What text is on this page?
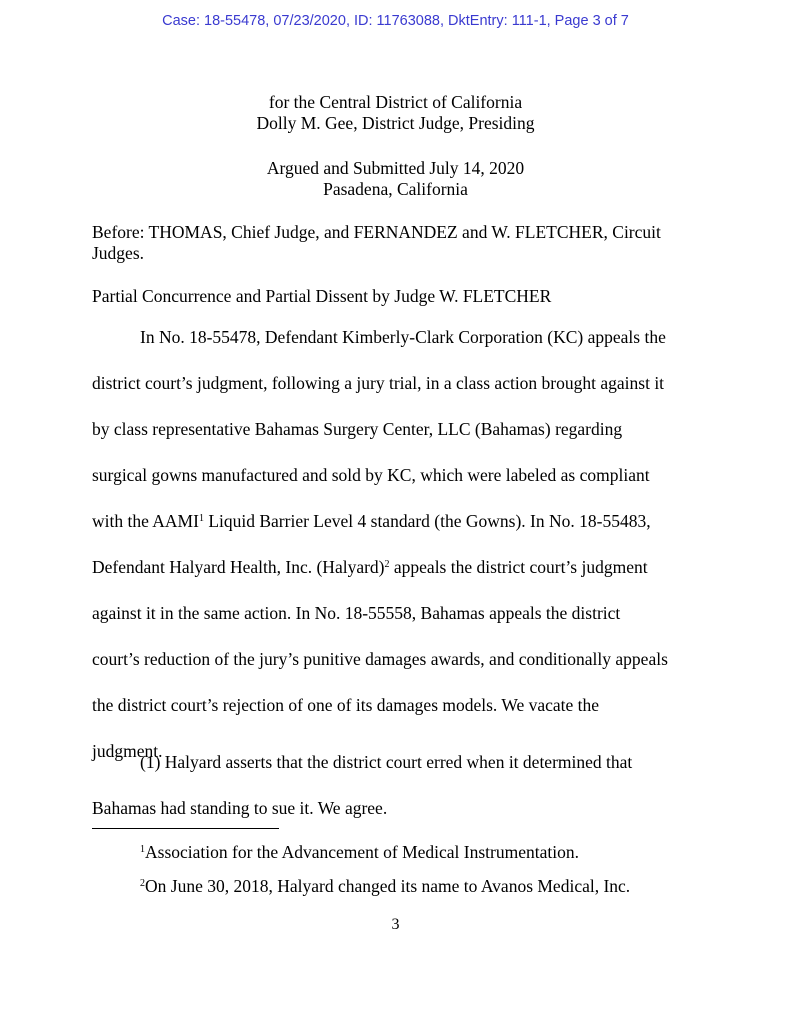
Case: 18-55478, 07/23/2020, ID: 11763088, DktEntry: 111-1, Page 3 of 7
for the Central District of California
Dolly M. Gee, District Judge, Presiding
Argued and Submitted July 14, 2020
Pasadena, California
Before: THOMAS, Chief Judge, and FERNANDEZ and W. FLETCHER, Circuit Judges.
Partial Concurrence and Partial Dissent by Judge W. FLETCHER
In No. 18-55478, Defendant Kimberly-Clark Corporation (KC) appeals the
district court’s judgment, following a jury trial, in a class action brought against it
by class representative Bahamas Surgery Center, LLC (Bahamas) regarding
surgical gowns manufactured and sold by KC, which were labeled as compliant
with the AAMI$^1$ Liquid Barrier Level 4 standard (the Gowns). In No. 18-55483,
Defendant Halyard Health, Inc. (Halyard)$^2$ appeals the district court’s judgment
against it in the same action. In No. 18-55558, Bahamas appeals the district
court’s reduction of the jury’s punitive damages awards, and conditionally appeals
the district court’s rejection of one of its damages models. We vacate the
judgment.
(1) Halyard asserts that the district court erred when it determined that
Bahamas had standing to sue it. We agree.
$^1$Association for the Advancement of Medical Instrumentation.
$^2$On June 30, 2018, Halyard changed its name to Avanos Medical, Inc.
3
